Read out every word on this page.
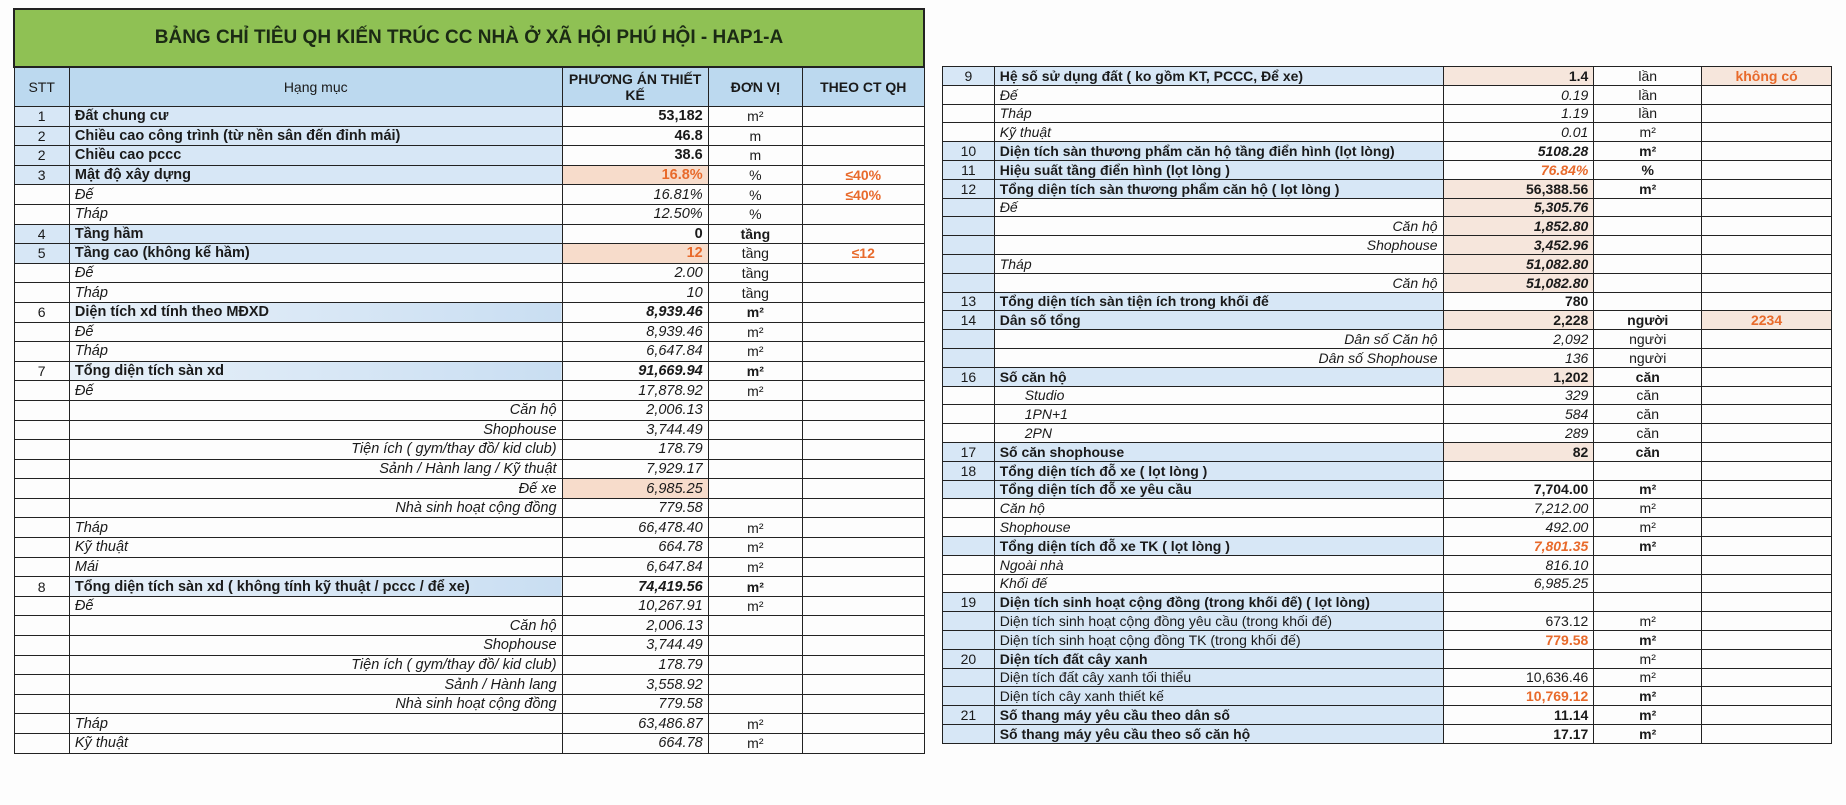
BẢNG CHỈ TIÊU QH KIẾN TRÚC CC NHÀ Ở XÃ HỘI PHÚ HỘI - HAP1-A				
STT	Hạng mục	PHƯƠNG ÁN THIẾT KẾ	ĐƠN VỊ	THEO CT QH
1	Đất chung cư	53,182	m²	
2	Chiều cao công trình (từ nền sân đến đỉnh mái)	46.8	m	
2	Chiều cao pccc	38.6	m	
3	Mật độ xây dựng	16.8%	%	≤40%
	Đế	16.81%	%	≤40%
	Tháp	12.50%	%	
4	Tầng hầm	0	tầng	
5	Tầng cao (không kể hầm)	12	tầng	≤12
	Đế	2.00	tầng	
	Tháp	10	tầng	
6	Diện tích xd tính theo MĐXD	8,939.46	m²	
	Đế	8,939.46	m²	
	Tháp	6,647.84	m²	
7	Tổng diện tích sàn xd	91,669.94	m²	
	Đế	17,878.92	m²	
	Căn hộ	2,006.13		
	Shophouse	3,744.49		
	Tiện ích ( gym/thay đồ/ kid club)	178.79		
	Sảnh / Hành lang / Kỹ thuật	7,929.17		
	Đế xe	6,985.25		
	Nhà sinh hoạt cộng đồng	779.58		
	Tháp	66,478.40	m²	
	Kỹ thuật	664.78	m²	
	Mái	6,647.84	m²	
8	Tổng diện tích sàn xd ( không tính kỹ thuật / pccc / để xe)	74,419.56	m²	
	Đế	10,267.91	m²	
	Căn hộ	2,006.13		
	Shophouse	3,744.49		
	Tiện ích ( gym/thay đồ/ kid club)	178.79		
	Sảnh / Hành lang	3,558.92		
	Nhà sinh hoạt cộng đồng	779.58		
	Tháp	63,486.87	m²	
	Kỹ thuật	664.78	m²	
9	Hệ số sử dụng đất ( ko gồm KT, PCCC, Để xe)	1.4	lần	không có
	Đế	0.19	lần	
	Tháp	1.19	lần	
	Kỹ thuật	0.01	m²	
10	Diện tích sàn thương phẩm căn hộ tầng điển hình (lọt lòng)	5108.28	m²	
11	Hiệu suất tầng điển hình (lọt lòng )	76.84%	%	
12	Tổng diện tích sàn thương phẩm căn hộ ( lọt lòng )	56,388.56	m²	
	Đế	5,305.76		
	Căn hộ	1,852.80		
	Shophouse	3,452.96		
	Tháp	51,082.80		
	Căn hộ	51,082.80		
13	Tổng diện tích sàn tiện ích trong khối đế	780		
14	Dân số tổng	2,228	người	2234
	Dân số Căn hộ	2,092	người	
	Dân số Shophouse	136	người	
16	Số căn hộ	1,202	căn	
	Studio	329	căn	
	1PN+1	584	căn	
	2PN	289	căn	
17	Số căn shophouse	82	căn	
18	Tổng diện tích đỗ xe ( lọt lòng )			
	Tổng diện tích đỗ xe yêu cầu	7,704.00	m²	
	Căn hộ	7,212.00	m²	
	Shophouse	492.00	m²	
	Tổng diện tích đỗ xe TK ( lọt lòng )	7,801.35	m²	
	Ngoài nhà	816.10		
	Khối đế	6,985.25		
19	Diện tích sinh hoạt cộng đồng (trong khối đế) ( lọt lòng)			
	Diện tích sinh hoạt cộng đồng yêu cầu (trong khối đế)	673.12	m²	
	Diện tích sinh hoạt cộng đồng TK (trong khối đế)	779.58	m²	
20	Diện tích đất cây xanh		m²	
	Diện tích đất cây xanh tối thiểu	10,636.46	m²	
	Diện tích cây xanh thiết kế	10,769.12	m²	
21	Số thang máy yêu cầu theo dân số	11.14	m²	
	Số thang máy yêu cầu theo số căn hộ	17.17	m²	
